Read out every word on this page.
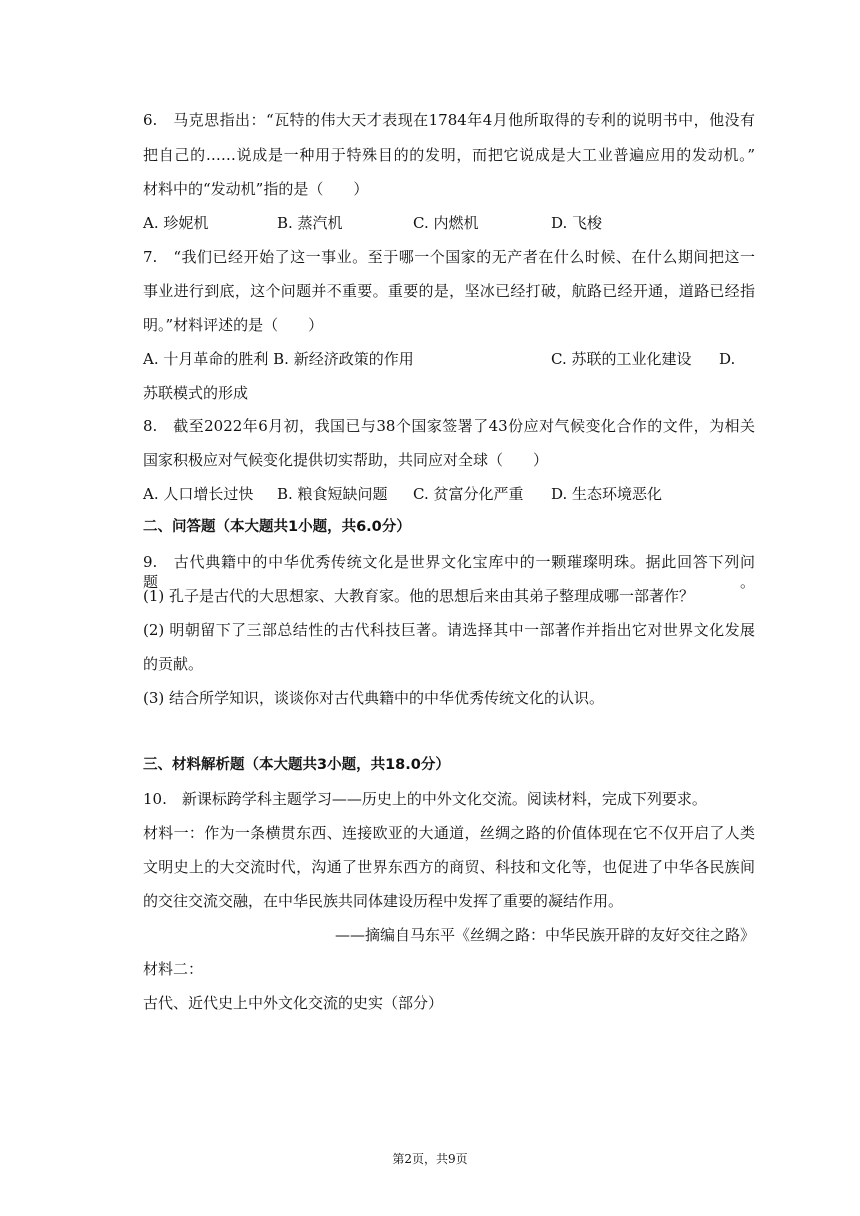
6.　马克思指出：“瓦特的伟大天才表现在1784年4月他所取得的专利的说明书中，他没有
把自己的……说成是一种用于特殊目的的发明，而把它说成是大工业普遍应用的发动机。”
材料中的“发动机”指的是（　　）
A. 珍妮机	B. 蒸汽机	C. 内燃机	D. 飞梭
7.　“我们已经开始了这一事业。至于哪一个国家的无产者在什么时候、在什么期间把这一
事业进行到底，这个问题并不重要。重要的是，坚冰已经打破，航路已经开通，道路已经指
明。”材料评述的是（　　）
A. 十月革命的胜利 B. 新经济政策的作用	C. 苏联的工业化建设 D.
苏联模式的形成
8.　截至2022年6月初，我国已与38个国家签署了43份应对气候变化合作的文件，为相关
国家积极应对气候变化提供切实帮助，共同应对全球（　　）
A. 人口增长过快 B. 粮食短缺问题 C. 贫富分化严重 D. 生态环境恶化
二、问答题（本大题共1小题，共6.0分）
9.　古代典籍中的中华优秀传统文化是世界文化宝库中的一颗璀璨明珠。据此回答下列问题。
(1) 孔子是古代的大思想家、大教育家。他的思想后来由其弟子整理成哪一部著作？
(2) 明朝留下了三部总结性的古代科技巨著。请选择其中一部著作并指出它对世界文化发展
的贡献。
(3) 结合所学知识，谈谈你对古代典籍中的中华优秀传统文化的认识。
三、材料解析题（本大题共3小题，共18.0分）
10.　新课标跨学科主题学习——历史上的中外文化交流。阅读材料，完成下列要求。
材料一：作为一条横贯东西、连接欧亚的大通道，丝绸之路的价值体现在它不仅开启了人类
文明史上的大交流时代，沟通了世界东西方的商贸、科技和文化等，也促进了中华各民族间
的交往交流交融，在中华民族共同体建设历程中发挥了重要的凝结作用。
——摘编自马东平《丝绸之路：中华民族开辟的友好交往之路》
材料二：
古代、近代史上中外文化交流的史实（部分）
第2页，共9页
